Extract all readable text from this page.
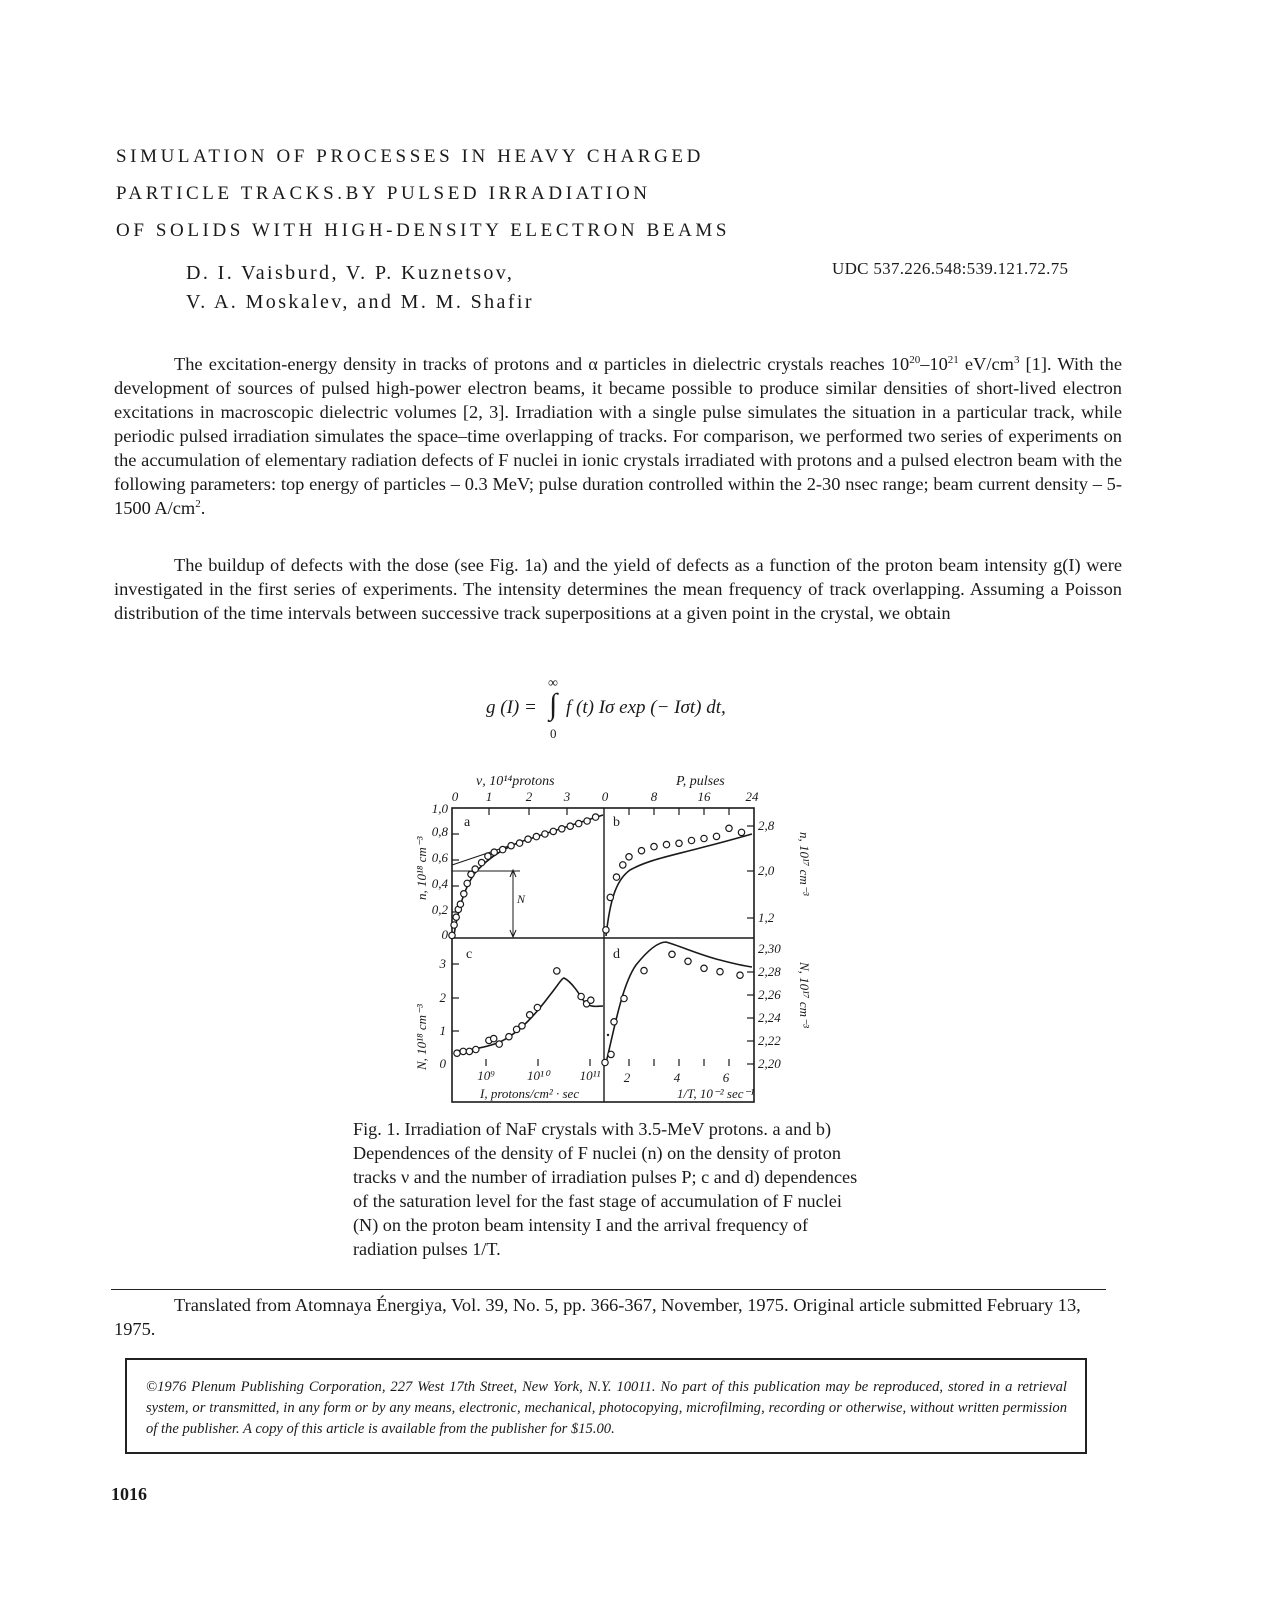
SIMULATION OF PROCESSES IN HEAVY CHARGED
PARTICLE TRACKS.BY PULSED IRRADIATION
OF SOLIDS WITH HIGH-DENSITY ELECTRON BEAMS
D. I. Vaisburd, V. P. Kuznetsov,
V. A. Moskalev, and M. M. Shafir
UDC 537.226.548:539.121.72.75

The excitation-energy density in tracks of protons and α particles in dielectric crystals reaches $10^{20}-10^{21}$ $eV/cm^3$ [1]. With the development of sources of pulsed high-power electron beams, it became possible to produce similar densities of short-lived electron excitations in macroscopic dielectric volumes [2, 3]. Irradiation with a single pulse simulates the situation in a particular track, while periodic pulsed irradiation simulates the space–time overlapping of tracks. For comparison, we performed two series of experiments on the accumulation of elementary radiation defects of F nuclei in ionic crystals irradiated with protons and a pulsed electron beam with the following parameters: top energy of particles – 0.3 MeV; pulse duration controlled within the 2-30 nsec range; beam current density – 5-1500 $A/cm^2$.

The buildup of defects with the dose (see Fig. 1a) and the yield of defects as a function of the proton beam intensity g(I) were investigated in the first series of experiments. The intensity determines the mean frequency of track overlapping. Assuming a Poisson distribution of the time intervals between successive track superpositions at a given point in the crystal, we obtain

g (I) =
∞
∫
0
f (t) Iσ exp (− Iσt) dt,
ν, 10¹⁴protons	P, pulses
0 1	2 3 0	8	16	24
1,0
0,8
0,6
0,4
0,2
0
3
2
1
0
n, 10¹⁸ cm⁻³
N, 10¹⁸ cm⁻³
2,8
2,0
1,2
2,30
2,28
2,26
2,24
2,22
2,20
n, 10¹⁷ cm⁻³
N, 10¹⁷ cm⁻³
10⁹ 10¹⁰ 10¹¹ 2	4	6
I, protons/cm² · sec	1/T, 10⁻² sec⁻¹
a	b
c	d
N
Fig. 1. Irradiation of NaF crystals with 3.5-MeV protons. a and b) Dependences of the density of F nuclei (n) on the density of proton tracks ν and the number of irradiation pulses P; c and d) dependences of the saturation level for the fast stage of accumulation of F nuclei (N) on the proton beam intensity I and the arrival frequency of radiation pulses 1/T.
Translated from Atomnaya Énergiya, Vol. 39, No. 5, pp. 366-367, November, 1975. Original article submitted February 13, 1975.
©1976 Plenum Publishing Corporation, 227 West 17th Street, New York, N.Y. 10011. No part of this publication may be reproduced, stored in a retrieval system, or transmitted, in any form or by any means, electronic, mechanical, photocopying, microfilming, recording or otherwise, without written permission of the publisher. A copy of this article is available from the publisher for $15.00.
1016
